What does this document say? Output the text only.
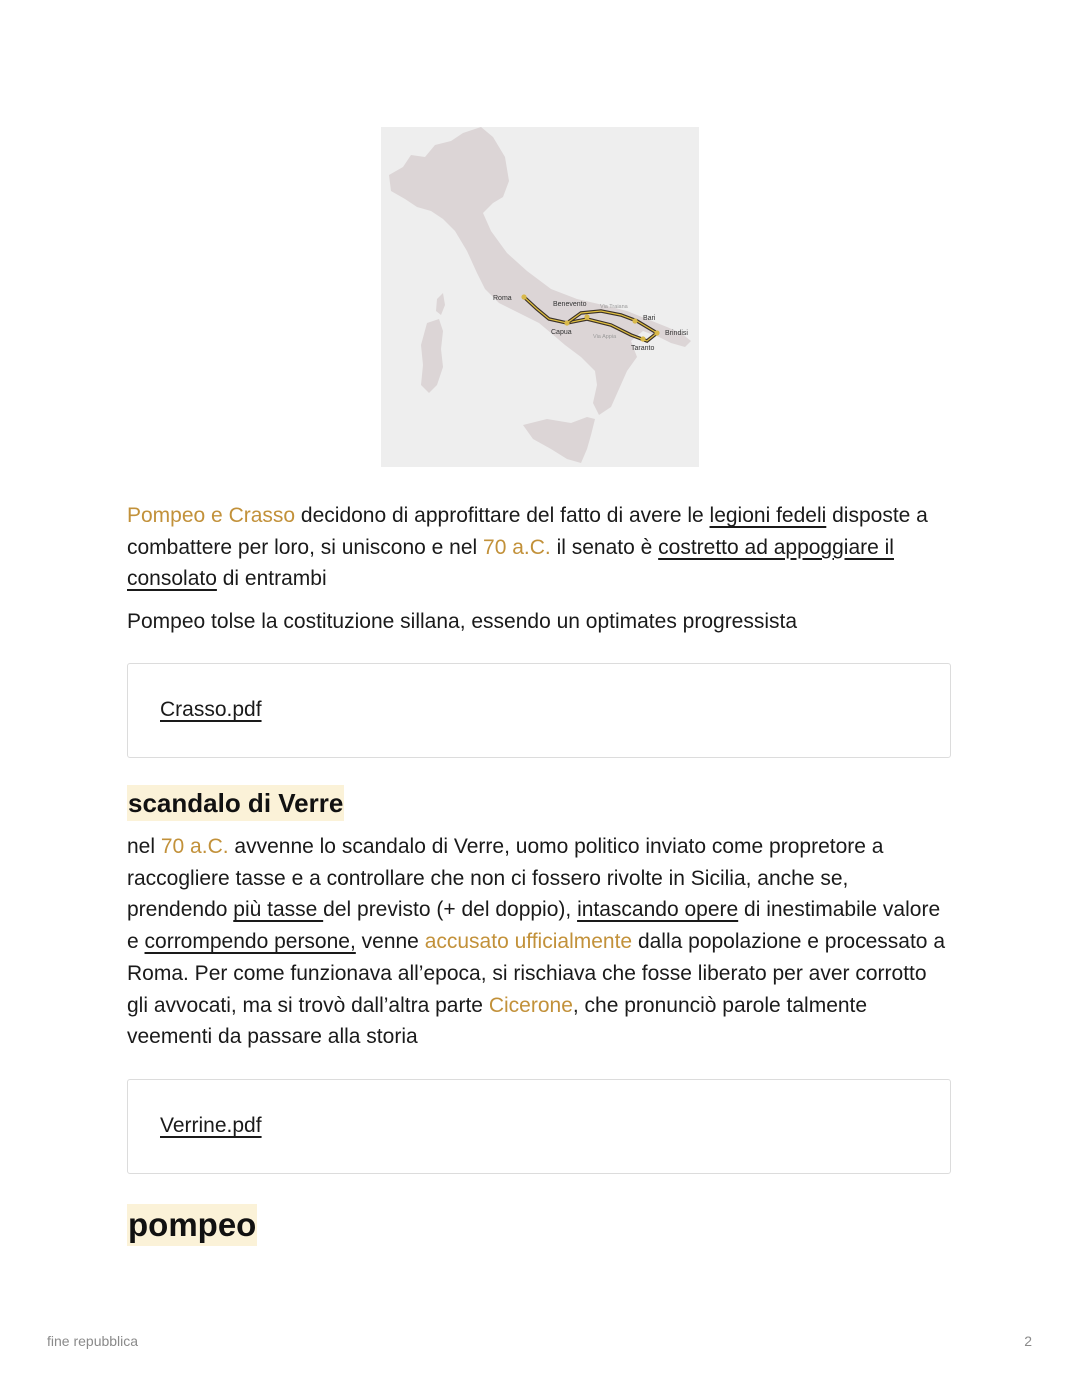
Roma
Benevento Via Traiana
Bari
Capua
Via Appia	Brindisi
Taranto

Pompeo e Crasso decidono di approfittare del fatto di avere le legioni fedeli disposte a combattere per loro, si uniscono e nel 70 a.C. il senato è costretto ad appoggiare il consolato di entrambi

Pompeo tolse la costituzione sillana, essendo un optimates progressista

Crasso.pdf
scandalo di Verre

nel 70 a.C. avvenne lo scandalo di Verre, uomo politico inviato come propretore a raccogliere tasse e a controllare che non ci fossero rivolte in Sicilia, anche se, prendendo più tasse del previsto (+ del doppio), intascando opere di inestimabile valore e corrompendo persone, venne accusato ufficialmente dalla popolazione e processato a Roma. Per come funzionava all’epoca, si rischiava che fosse liberato per aver corrotto gli avvocati, ma si trovò dall’altra parte Cicerone, che pronunciò parole talmente veementi da passare alla storia

Verrine.pdf
pompeo
fine repubblica	2
